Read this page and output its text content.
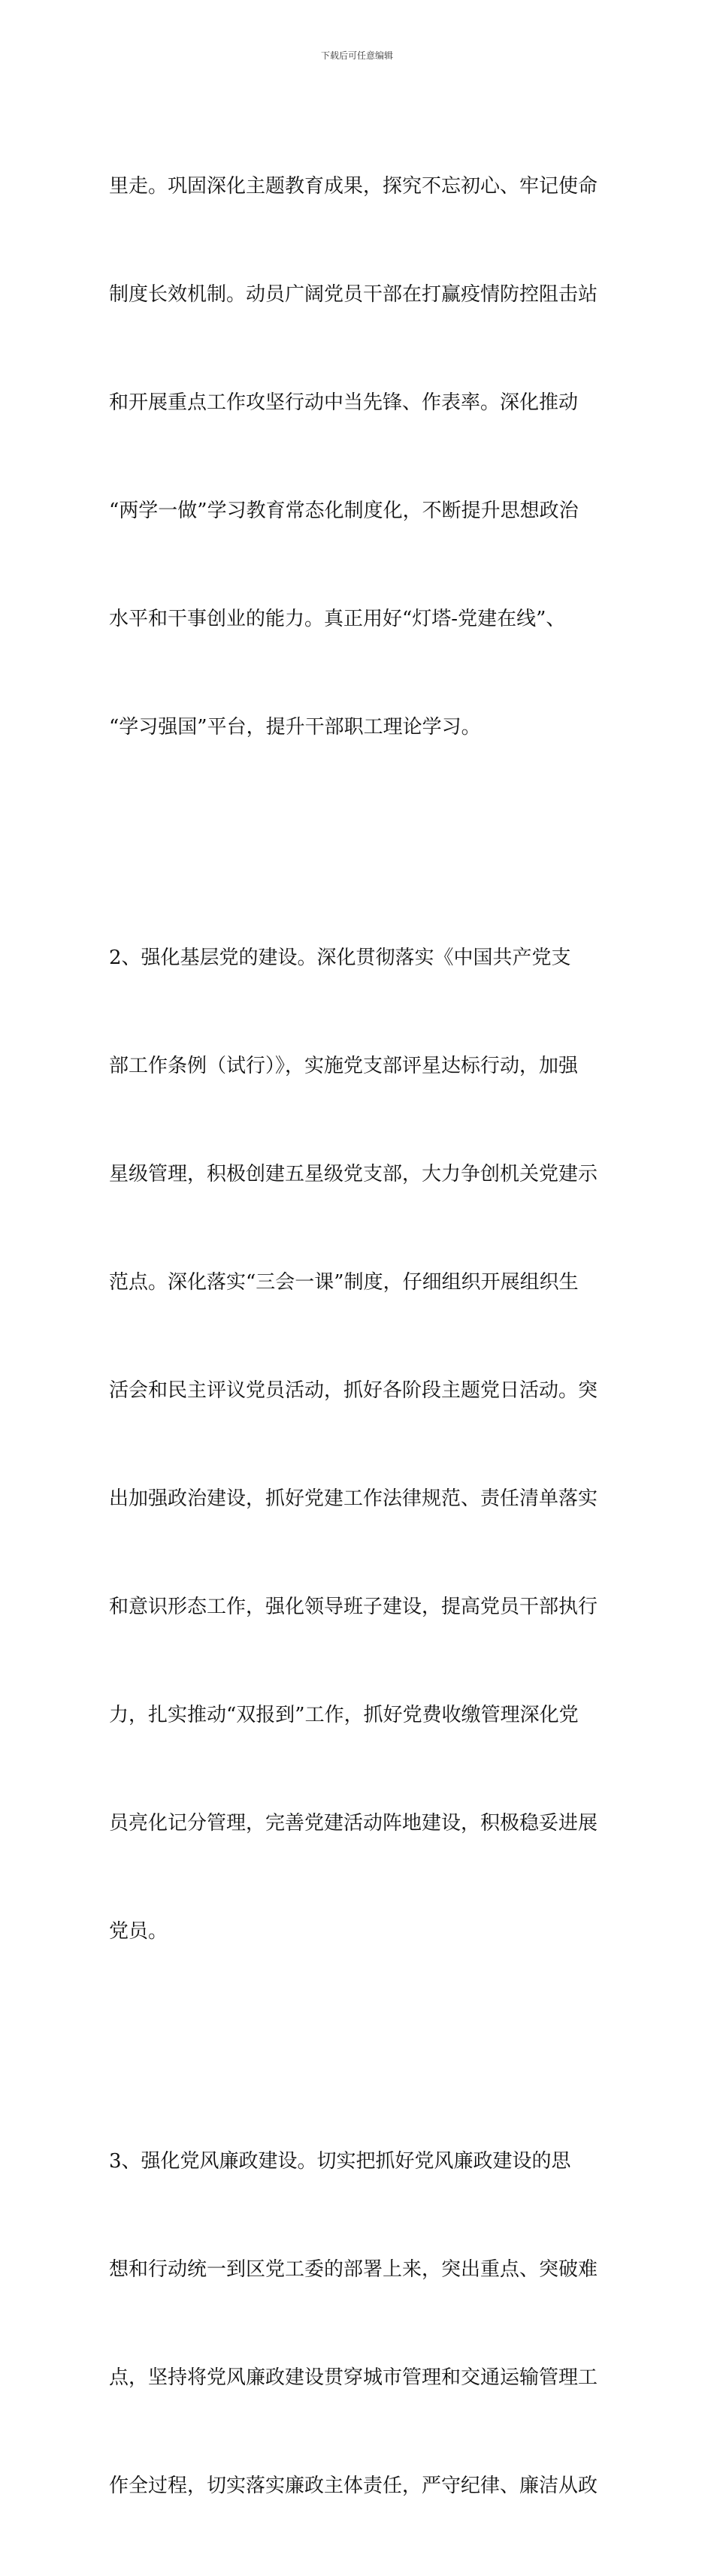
下载后可任意编辑

里走。巩固深化主题教育成果，探究不忘初心、牢记使命

制度长效机制。动员广阔党员干部在打赢疫情防控阻击站

和开展重点工作攻坚行动中当先锋、作表率。深化推动

“两学一做”学习教育常态化制度化，不断提升思想政治

水平和干事创业的能力。真正用好“灯塔-党建在线”、

“学习强国”平台，提升干部职工理论学习。

2、强化基层党的建设。深化贯彻落实《中国共产党支

部工作条例（试行）》，实施党支部评星达标行动，加强

星级管理，积极创建五星级党支部，大力争创机关党建示

范点。深化落实“三会一课”制度，仔细组织开展组织生

活会和民主评议党员活动，抓好各阶段主题党日活动。突

出加强政治建设，抓好党建工作法律规范、责任清单落实

和意识形态工作，强化领导班子建设，提高党员干部执行

力，扎实推动“双报到”工作，抓好党费收缴管理深化党

员亮化记分管理，完善党建活动阵地建设，积极稳妥进展

党员。

3、强化党风廉政建设。切实把抓好党风廉政建设的思

想和行动统一到区党工委的部署上来，突出重点、突破难

点，坚持将党风廉政建设贯穿城市管理和交通运输管理工

作全过程，切实落实廉政主体责任，严守纪律、廉洁从政
